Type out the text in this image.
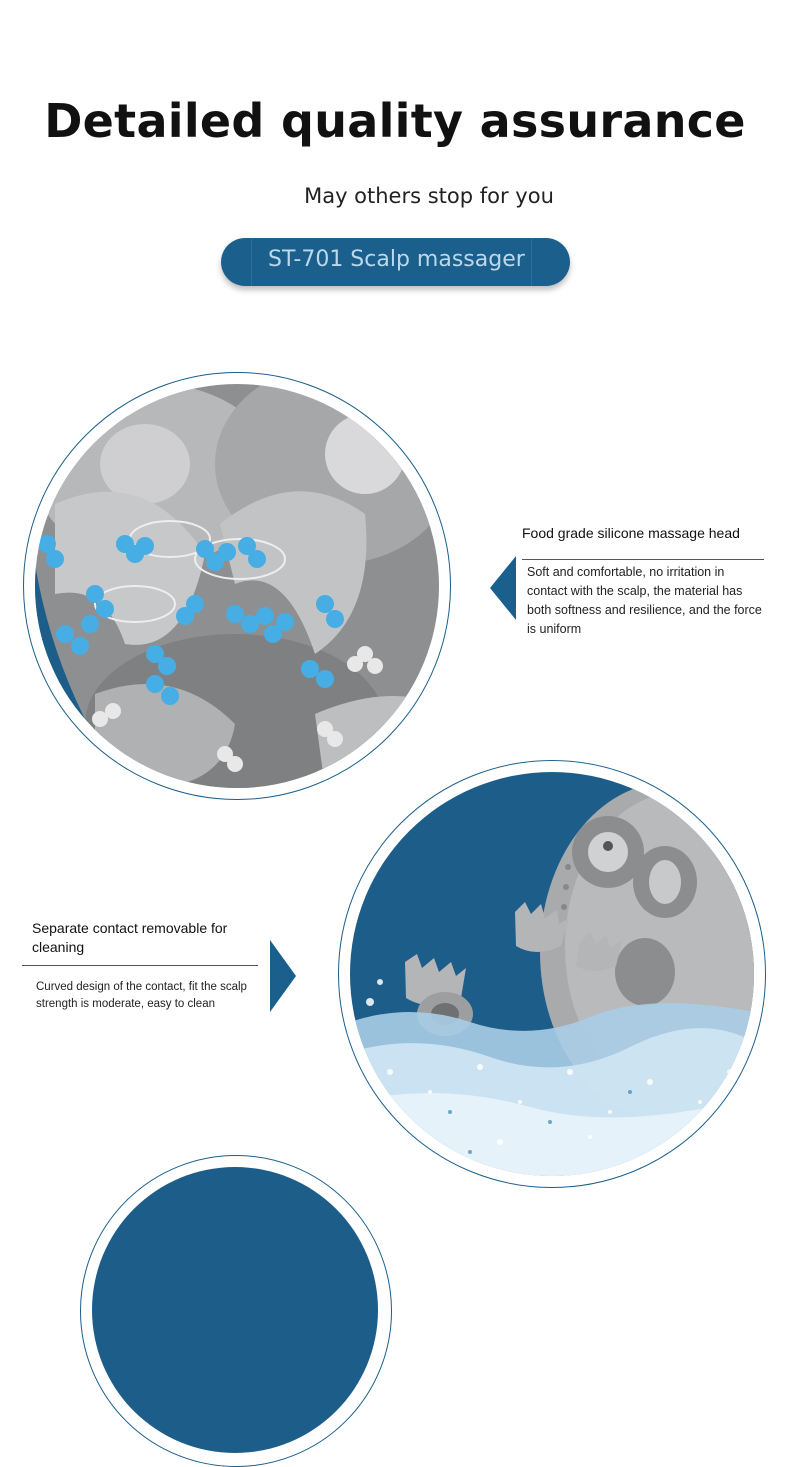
Detailed quality assurance
May others stop for you
ST-701 Scalp massager
Food grade silicone massage head
Soft and comfortable, no irritation in contact with the scalp, the material has both softness and resilience, and the force is uniform
Separate contact removable for cleaning
Curved design of the contact, fit the scalp strength is moderate, easy to clean
